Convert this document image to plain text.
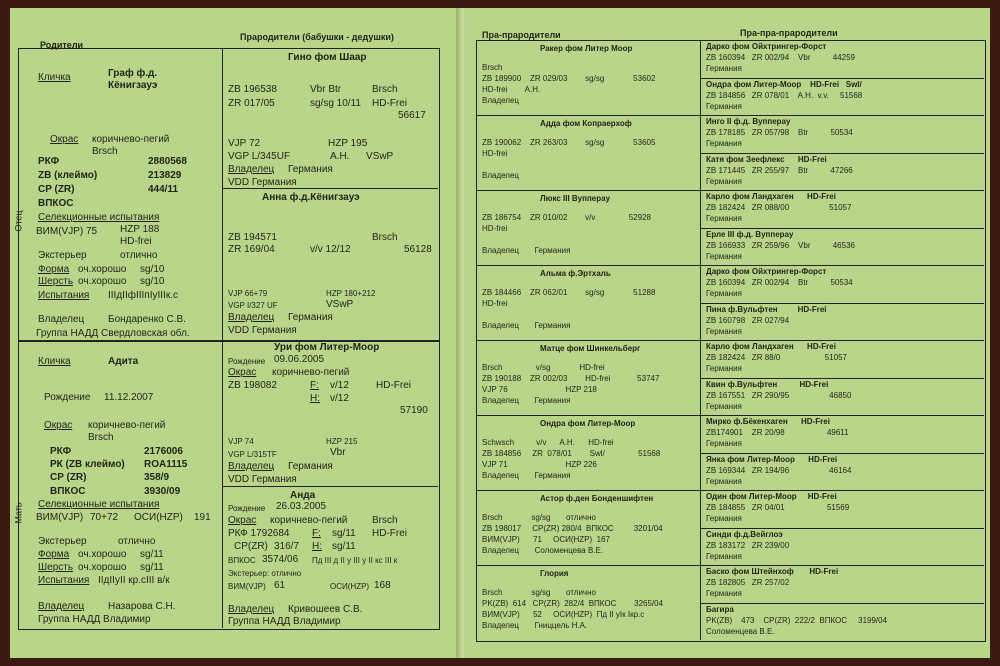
Родители
Прародители (бабушки - дедушки)
Отец
Мать
Кличка	Граф ф.д.
Кёнигзауэ
Окрас коричнево-пегий
Brsch
РКФ	2880568
ZB (клеймо)	213829
CP (ZR)	444/11
ВПКОС
Селекционные испытания
ВИМ(VJP) 75 HZP 188
HD-frei
Экстерьер	отлично
Форма оч.хорошо sg/10
Шерсть оч.хорошо sg/10
Испытания IIIдIIфIIIпIуIIIк.с
Владелец Бондаренко С.В.
Группа НАДД Свердловская обл.
Кличка	Адита
Рождение 11.12.2007
Окрас коричнево-пегий
Brsch
РКФ	2176006
РК (ZB клеймо) ROA1115
CP (ZR)	358/9
ВПКОС	3930/09
Селекционные испытания
ВИМ(VJP) 70+72 ОСИ(HZP) 191
Экстерьер	отлично
Форма оч.хорошо sg/11
Шерсть оч.хорошо sg/11
Испытания IIдIIуII кр.сIII в/к
Владелец Назарова С.Н.
Группа НАДД Владимир
Гино фом Шаар
ZB 196538	Vbr Btr	Brsch
ZR 017/05	sg/sg 10/11 HD-Frei
56617
VJP 72	HZP 195
VGP L/345UF	A.H. VSwP
Владелец Германия
VDD Германия
Анна ф.д.Кёнигзауэ
ZB 194571	Brsch
ZR 169/04	v/v 12/12	56128
VJP 66+79	HZP 180+212
VGP I/327 UF	VSwP
Владелец Германия
VDD Германия
Ури фом Литер-Моор
Рождение 09.06.2005
Окрас коричнево-пегий
ZB 198082	F: v/12	HD-Frei
H: v/12
57190
VJP 74	HZP 215
VGP L/315TF	Vbr
Владелец Германия
VDD Германия
Анда
Рождение 26.03.2005
Окрас коричнево-пегий Brsch
РКФ 1792684 F: sg/11 HD-Frei
CP(ZR) 316/7 H: sg/11
ВПКОС 3574/06 Пд III д II у III у II кс III к
Экстерьер: отлично
ВИМ(VJP) 61	ОСИ(HZP) 168
Владелец Кривошеев С.В.
Группа НАДД Владимир
Пра-прародители	Пра-пра-прародители
Ракер фом Литер Моор
Brsch
ZB 189900    ZR 029/03        sg/sg             53602
HD-frei        A.H.
Владелец
Адда фом Копраерхоф
ZB 190062    ZR 263/03        sg/sg             53605
HD-frei
Владелец
Люкс III Вуппераy
ZB 186754    ZR 010/02        v/v               52928
HD-frei
Владелец       Германия
Альма ф.Эртхаль
ZB 184466    ZR 062/01        sg/sg             51288
HD-frei
Владелец       Германия
Матце фом Шинкельберг
Brsch               v/sg             HD-frei
ZB 190188    ZR 002/03        HD-frei            53747
VJP 76                          HZP 218
Владелец       Германия
Ондра фом Литер-Моор
Schwsch          v/v      A.H.      HD-frei
ZB 184856     ZR  078/01        Swl/               51568
VJP 71                          HZP 226
Владелец       Германия
Астор ф.ден Бонденшифтен
Brsch             sg/sg       отлично
ZB 198017     CP(ZR) 280/4  ВПКОС         3201/04
ВИМ(VJP)      71     ОСИ(HZP)  167
Владелец       Соломенцева В.Е.
Глория
Brsch             sg/sg       отлично
PK(ZB)  614   CP(ZR)  282/4  ВПКОС        3265/04
ВИМ(VJP)      52     ОСИ(HZP)  Пд II уIк Iкр.с
Владелец       Гниццель Н.А.
Дарко фом Ойхтрингер-Форст
ZB 160394   ZR 002/94    Vbr          44259
Германия
Ондра фом Литер-Моор    HD-Frei   Swl/
ZB 184856   ZR 078/01    A.H.  v.v.     51568
Германия
Инго II ф.д. Вуппераy
ZB 178185   ZR 057/98    Btr          50534
Германия
Катя фом Зеефлекс      HD-Frei
ZB 171445   ZR 255/97    Btr          47266
Германия
Карло фом Ландхаген      HD-Frei
ZB 182424   ZR 088/00                  51057
Германия
Ерле III ф.д. Вуппераy
ZB 166933   ZR 259/96    Vbr          46536
Германия
Дарко фом Ойхтрингер-Форст
ZB 160394   ZR 002/94    Btr          50534
Германия
Пина ф.Вульфтен         HD-Frei
ZB 160798   ZR 027/94
Германия
Карло фом Ландхаген      HD-Frei
ZB 182424   ZR 88/0                    51057
Германия
Квин ф.Вульфтен          HD-Frei
ZB 167551   ZR 290/95                  46850
Германия
Мирко ф.Бёкенхаген      HD-Frei
ZB174901    ZR 20/98                   49611
Германия
Янка фом Литер-Моор      HD-Frei
ZB 169344   ZR 194/96                  46164
Германия
Один фом Литер-Моор     HD-Frei
ZB 184855   ZR 04/01                   51569
Германия
Синди ф.д.Вейглоэ
ZB 183172   ZR 239/00
Германия
Баско фом Штейнхоф       HD-Frei
ZB 182805   ZR 257/02
Германия
Багира
PK(ZB)    473    CP(ZR)  222/2  ВПКОС     3199/04
Соломенцева В.Е.
